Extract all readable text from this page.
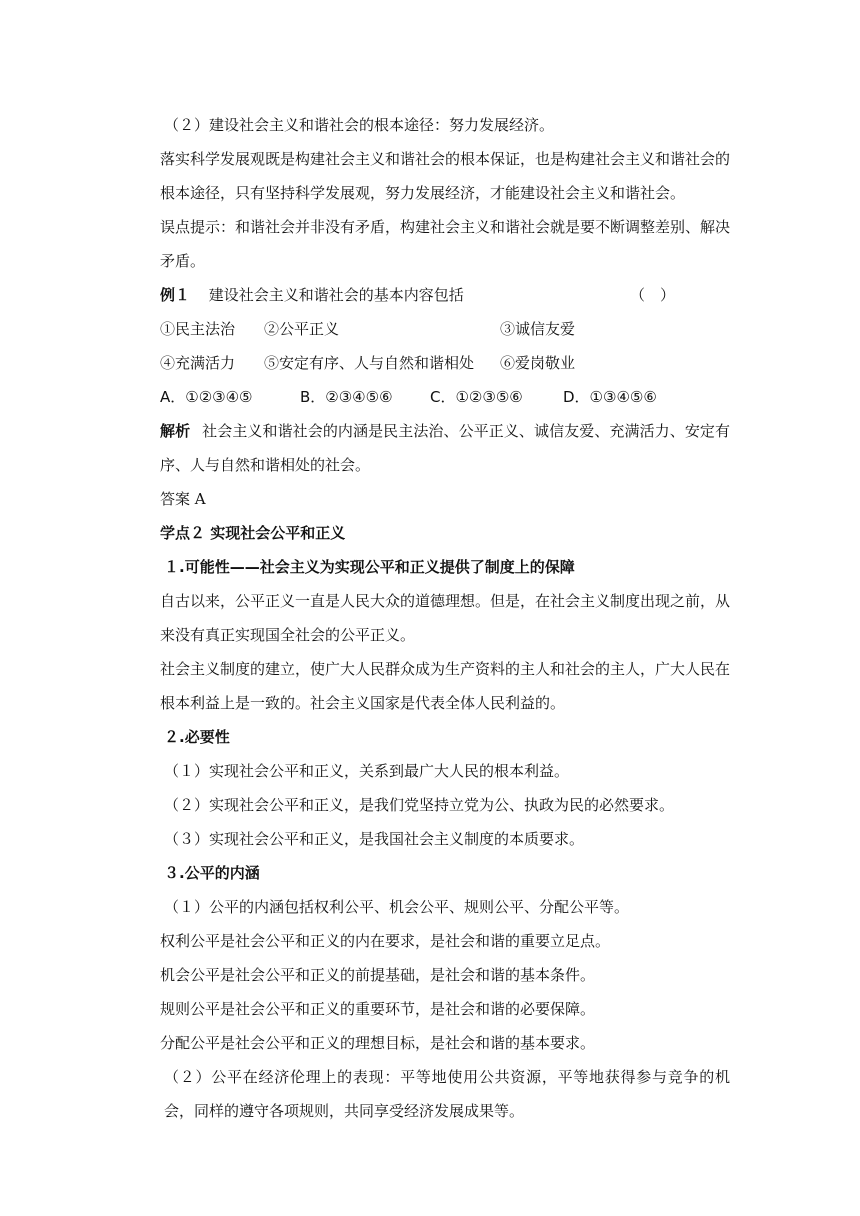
（２）建设社会主义和谐社会的根本途径：努力发展经济。

落实科学发展观既是构建社会主义和谐社会的根本保证，也是构建社会主义和谐社会的根本途径，只有坚持科学发展观，努力发展经济，才能建设社会主义和谐社会。

误点提示：和谐社会并非没有矛盾，构建社会主义和谐社会就是要不断调整差别、解决矛盾。

例１ 建设社会主义和谐社会的基本内容包括	（　）
①民主法治 ②公平正义	③诚信友爱
④充满活力 ⑤安定有序、人与自然和谐相处 ⑥爱岗敬业
A．①②③④⑤	B．②③④⑤⑥ C．①②③⑤⑥	D．①③④⑤⑥

解析 社会主义和谐社会的内涵是民主法治、公平正义、诚信友爱、充满活力、安定有序、人与自然和谐相处的社会。

答案 A

学点２ 实现社会公平和正义

１.可能性——社会主义为实现公平和正义提供了制度上的保障

自古以来，公平正义一直是人民大众的道德理想。但是，在社会主义制度出现之前，从来没有真正实现国全社会的公平正义。

社会主义制度的建立，使广大人民群众成为生产资料的主人和社会的主人，广大人民在根本利益上是一致的。社会主义国家是代表全体人民利益的。

２.必要性

（１）实现社会公平和正义，关系到最广大人民的根本利益。

（２）实现社会公平和正义，是我们党坚持立党为公、执政为民的必然要求。

（３）实现社会公平和正义，是我国社会主义制度的本质要求。

３.公平的内涵

（１）公平的内涵包括权利公平、机会公平、规则公平、分配公平等。

权利公平是社会公平和正义的内在要求，是社会和谐的重要立足点。

机会公平是社会公平和正义的前提基础，是社会和谐的基本条件。

规则公平是社会公平和正义的重要环节，是社会和谐的必要保障。

分配公平是社会公平和正义的理想目标，是社会和谐的基本要求。

（２）公平在经济伦理上的表现：平等地使用公共资源，平等地获得参与竞争的机会，同样的遵守各项规则，共同享受经济发展成果等。
